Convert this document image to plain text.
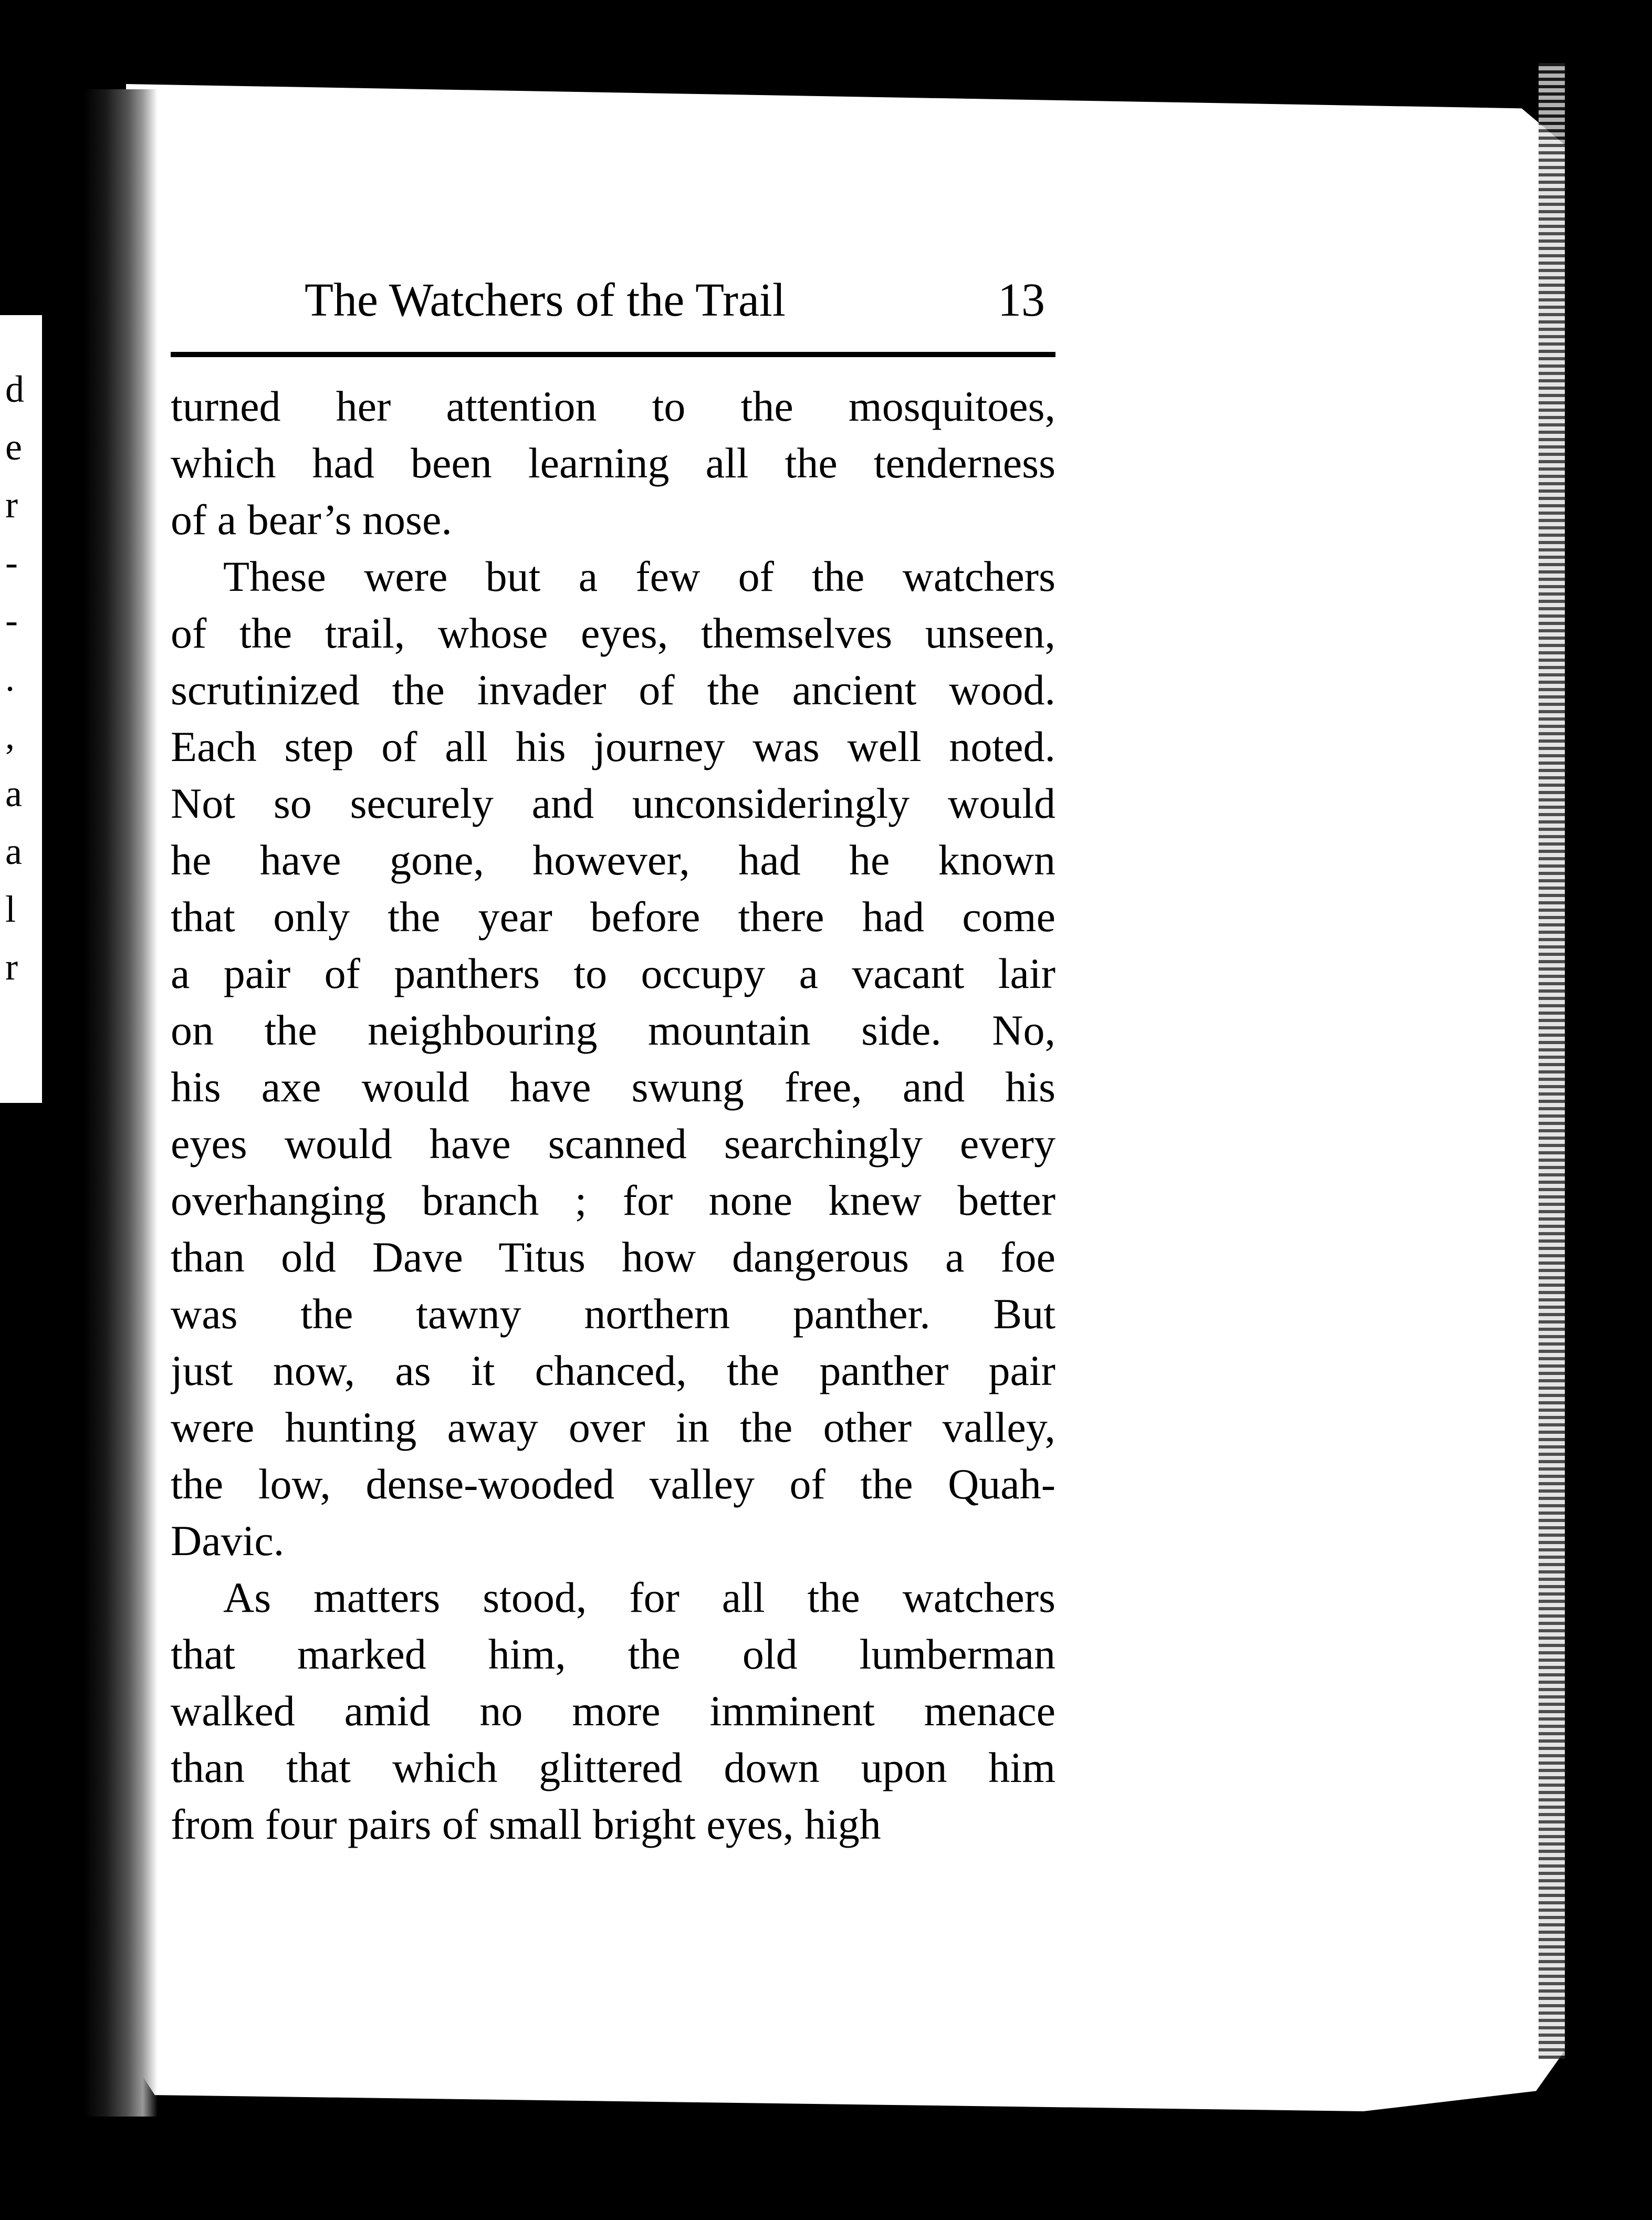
d
e
r
-
-
.
,
a
a
l
r
The Watchers of the Trail	13
turned her attention to the mosquitoes,
which had been learning all the tenderness
of a bear’s nose.
These were but a few of the watchers
of the trail, whose eyes, themselves unseen,
scrutinized the invader of the ancient wood.
Each step of all his journey was well noted.
Not so securely and unconsideringly would
he have gone, however, had he known
that only the year before there had come
a pair of panthers to occupy a vacant lair
on the neighbouring mountain side. No,
his axe would have swung free, and his
eyes would have scanned searchingly every
overhanging branch ; for none knew better
than old Dave Titus how dangerous a foe
was the tawny northern panther. But
just now, as it chanced, the panther pair
were hunting away over in the other valley,
the low, dense-wooded valley of the Quah-
Davic.
As matters stood, for all the watchers
that marked him, the old lumberman
walked amid no more imminent menace
than that which glittered down upon him
from four pairs of small bright eyes, high
